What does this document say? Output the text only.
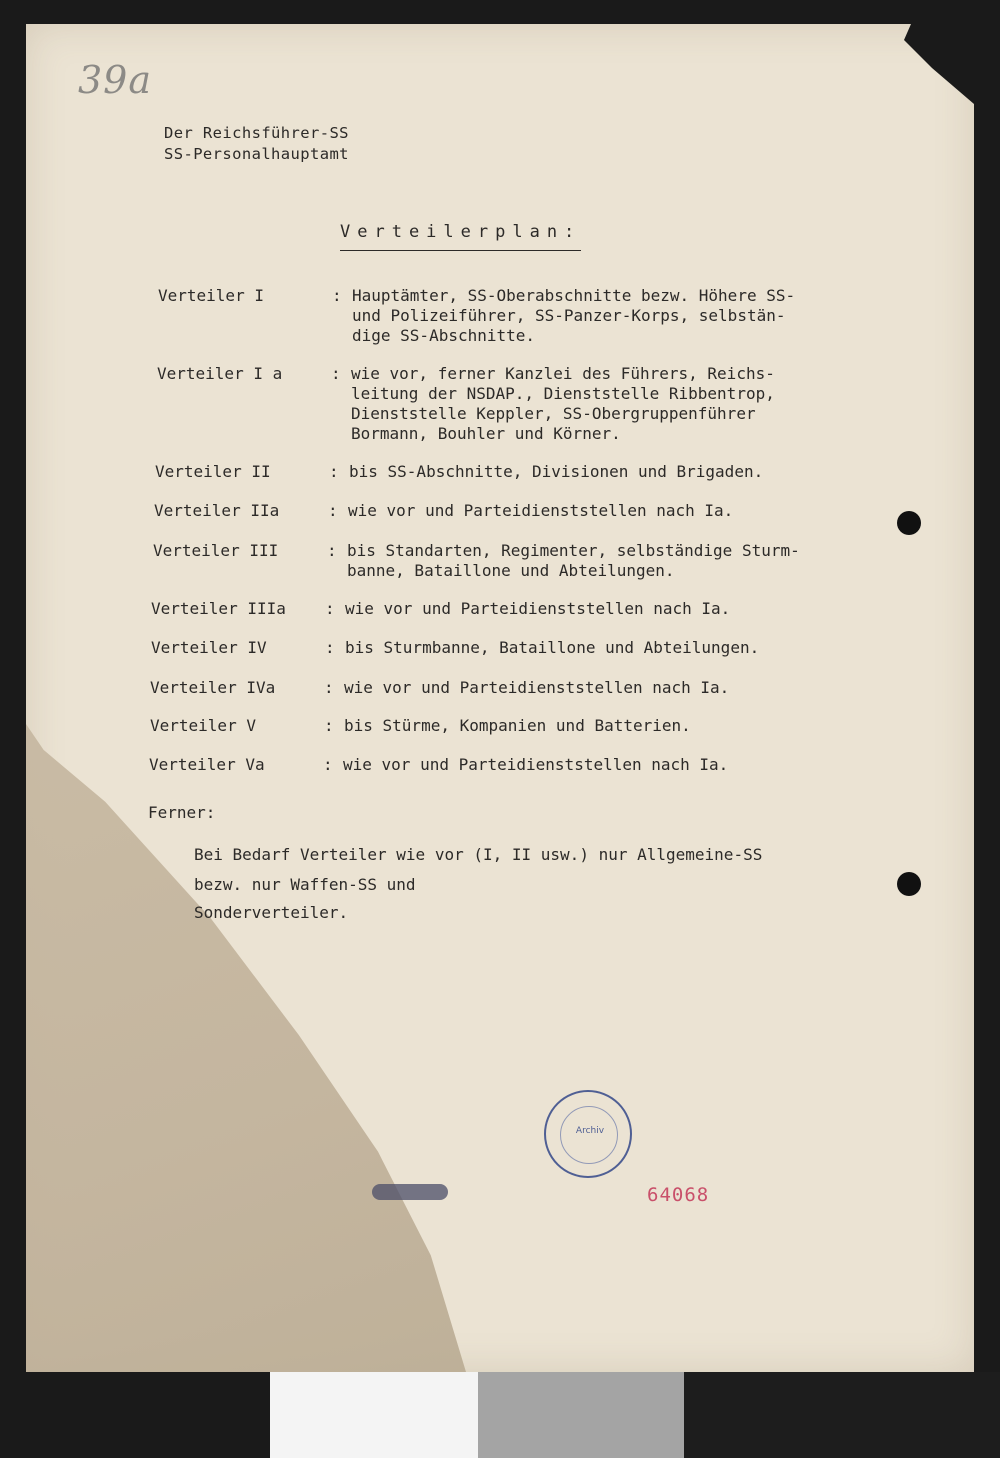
39a
Der Reichsführer-SS
SS-Personalhauptamt
Verteilerplan:
Verteiler I	: Hauptämter, SS-Oberabschnitte bezw. Höhere SS-
und Polizeiführer, SS-Panzer-Korps, selbstän-
dige SS-Abschnitte.
Verteiler I a	: wie vor, ferner Kanzlei des Führers, Reichs-
leitung der NSDAP., Dienststelle Ribbentrop,
Dienststelle Keppler, SS-Obergruppenführer
Bormann, Bouhler und Körner.
Verteiler II	: bis SS-Abschnitte, Divisionen und Brigaden.
Verteiler IIa	: wie vor und Parteidienststellen nach Ia.
Verteiler III	: bis Standarten, Regimenter, selbständige Sturm-
banne, Bataillone und Abteilungen.
Verteiler IIIa : wie vor und Parteidienststellen nach Ia.
Verteiler IV	: bis Sturmbanne, Bataillone und Abteilungen.
Verteiler IVa	: wie vor und Parteidienststellen nach Ia.
Verteiler V	: bis Stürme, Kompanien und Batterien.
Verteiler Va	: wie vor und Parteidienststellen nach Ia.
Ferner:
Bei Bedarf Verteiler wie vor (I, II usw.) nur Allgemeine-SS
bezw. nur Waffen-SS und
Sonderverteiler.
Archiv
64068
